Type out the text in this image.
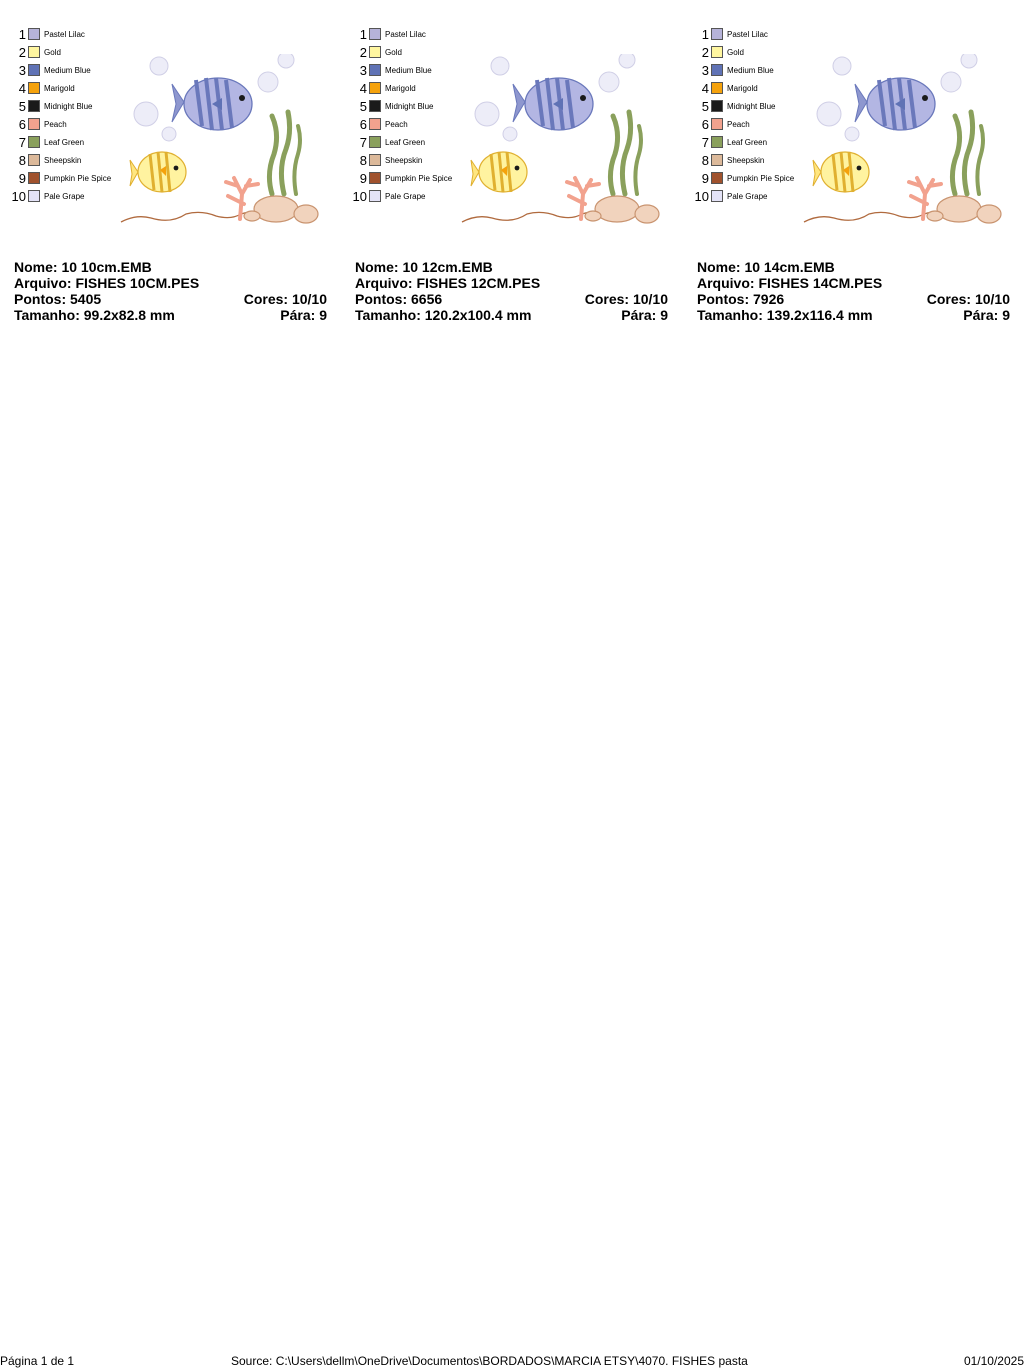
1 Pastel Lilac
2 Gold
3 Medium Blue
4 Marigold
5 Midnight Blue
6 Peach
7 Leaf Green
8 Sheepskin
9 Pumpkin Pie Spice
10 Pale Grape
Nome: 10 10cm.EMB
Arquivo: FISHES 10CM.PES
Pontos: 5405	Cores: 10/10
Tamanho: 99.2x82.8 mm	Pára: 9
1 Pastel Lilac
2 Gold
3 Medium Blue
4 Marigold
5 Midnight Blue
6 Peach
7 Leaf Green
8 Sheepskin
9 Pumpkin Pie Spice
10 Pale Grape
Nome: 10 12cm.EMB
Arquivo: FISHES 12CM.PES
Pontos: 6656	Cores: 10/10
Tamanho: 120.2x100.4 mm	Pára: 9
1 Pastel Lilac
2 Gold
3 Medium Blue
4 Marigold
5 Midnight Blue
6 Peach
7 Leaf Green
8 Sheepskin
9 Pumpkin Pie Spice
10 Pale Grape
Nome: 10 14cm.EMB
Arquivo: FISHES 14CM.PES
Pontos: 7926	Cores: 10/10
Tamanho: 139.2x116.4 mm	Pára: 9
Página 1 de 1	Source: C:\Users\dellm\OneDrive\Documentos\BORDADOS\MARCIA ETSY\4070. FISHES pasta	01/10/2025
